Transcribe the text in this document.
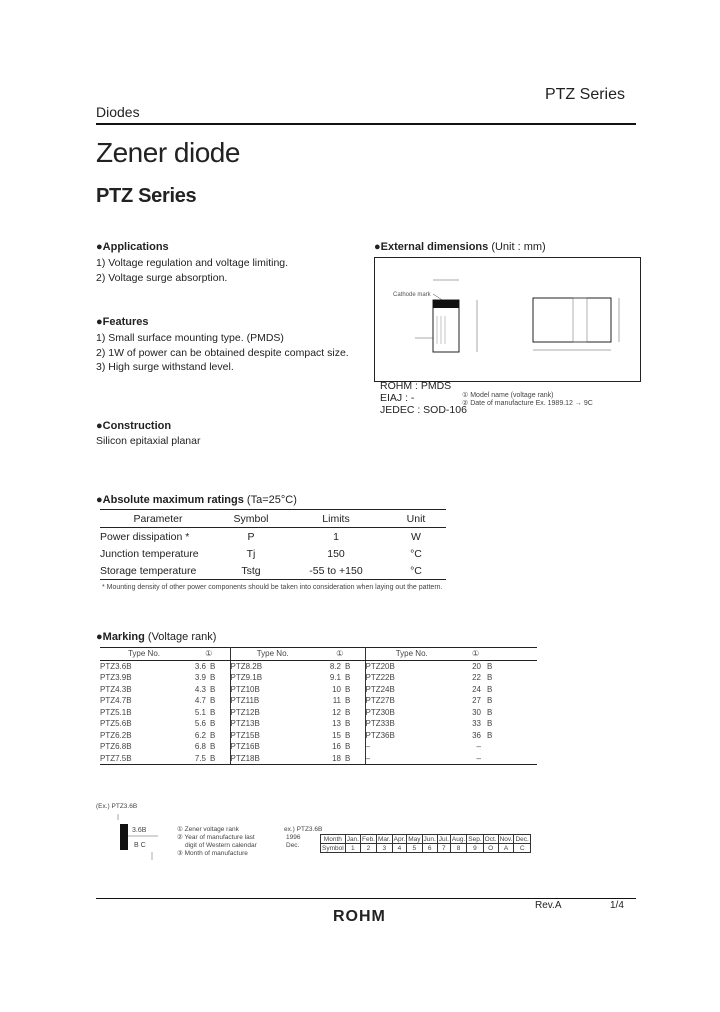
Diodes
PTZ Series
Zener diode
PTZ Series
●Applications
1) Voltage regulation and voltage limiting.
2) Voltage surge absorption.
●Features
1) Small surface mounting type. (PMDS)
2) 1W of power can be obtained despite compact size.
3) High surge withstand level.
●Construction
Silicon epitaxial planar
●External dimensions (Unit : mm)
Cathode mark
ROHM : PMDS
EIAJ : -
JEDEC : SOD-106
① Model name (voltage rank)
② Date of manufacture Ex. 1989.12 → 9C
●Absolute maximum ratings (Ta=25°C)
Parameter	Symbol	Limits	Unit
Power dissipation *	P	1	W
Junction temperature	Tj	150	°C
Storage temperature	Tstg	-55 to +150	°C
* Mounting density of other power components should be taken into consideration when laying out the pattern.
●Marking (Voltage rank)
Type No.	①		Type No.	①		Type No.	①	
PTZ3.6B	3.6	B	PTZ8.2B	8.2	B	PTZ20B	20	B
PTZ3.9B	3.9	B	PTZ9.1B	9.1	B	PTZ22B	22	B
PTZ4.3B	4.3	B	PTZ10B	10	B	PTZ24B	24	B
PTZ4.7B	4.7	B	PTZ11B	11	B	PTZ27B	27	B
PTZ5.1B	5.1	B	PTZ12B	12	B	PTZ30B	30	B
PTZ5.6B	5.6	B	PTZ13B	13	B	PTZ33B	33	B
PTZ6.2B	6.2	B	PTZ15B	15	B	PTZ36B	36	B
PTZ6.8B	6.8	B	PTZ16B	16	B	–	–	
PTZ7.5B	7.5	B	PTZ18B	18	B	–	–	
(Ex.) PTZ3.6B
3.6B
B C
① Zener voltage rank
② Year of manufacture last
digit of Western calendar
③ Month of manufacture
ex.) PTZ3.6B
1996
Dec.
Month	Jan.	Feb.	Mar.	Apr.	May	Jun.	Jul.	Aug.	Sep.	Oct.	Nov.	Dec.
Symbol	1	2	3	4	5	6	7	8	9	O	A	C
Rev.A	1/4
ROHM
